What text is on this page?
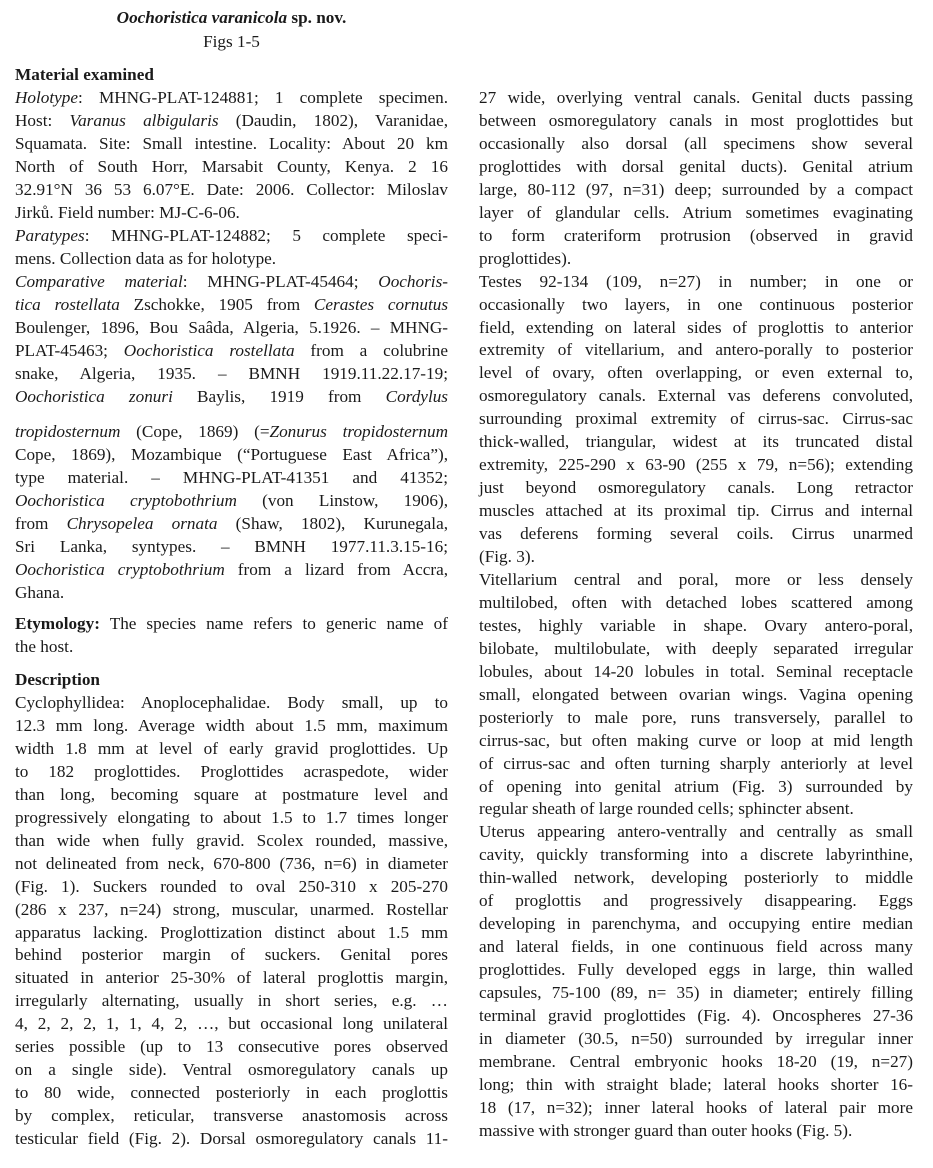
Oochoristica varanicola sp. nov.
Figs 1-5
Material examined
Holotype: MHNG-PLAT-124881; 1 complete specimen.
Host: Varanus albigularis (Daudin, 1802), Varanidae,
Squamata. Site: Small intestine. Locality: About 20 km
North of South Horr, Marsabit County, Kenya. 2 16
32.91°N 36 53 6.07°E. Date: 2006. Collector: Miloslav
Jirků. Field number: MJ-C-6-06.
Paratypes: MHNG-PLAT-124882; 5 complete speci-
mens. Collection data as for holotype.
Comparative material: MHNG-PLAT-45464; Oochoris-
tica rostellata Zschokke, 1905 from Cerastes cornutus
Boulenger, 1896, Bou Saâda, Algeria, 5.1926. – MHNG-
PLAT-45463; Oochoristica rostellata from a colubrine
snake, Algeria, 1935. – BMNH 1919.11.22.17-19;
Oochoristica zonuri Baylis, 1919 from Cordylus
tropidosternum (Cope, 1869) (=Zonurus tropidosternum
Cope, 1869), Mozambique (“Portuguese East Africa”),
type material. – MHNG-PLAT-41351 and 41352;
Oochoristica cryptobothrium (von Linstow, 1906),
from Chrysopelea ornata (Shaw, 1802), Kurunegala,
Sri Lanka, syntypes. – BMNH 1977.11.3.15-16;
Oochoristica cryptobothrium from a lizard from Accra,
Ghana.
Etymology: The species name refers to generic name of
the host.
Description
Cyclophyllidea: Anoplocephalidae. Body small, up to
12.3 mm long. Average width about 1.5 mm, maximum
width 1.8 mm at level of early gravid proglottides. Up
to 182 proglottides. Proglottides acraspedote, wider
than long, becoming square at postmature level and
progressively elongating to about 1.5 to 1.7 times longer
than wide when fully gravid. Scolex rounded, massive,
not delineated from neck, 670-800 (736, n=6) in diameter
(Fig. 1). Suckers rounded to oval 250-310 x 205-270
(286 x 237, n=24) strong, muscular, unarmed. Rostellar
apparatus lacking. Proglottization distinct about 1.5 mm
behind posterior margin of suckers. Genital pores
situated in anterior 25-30% of lateral proglottis margin,
irregularly alternating, usually in short series, e.g. …
4, 2, 2, 2, 1, 1, 4, 2, …, but occasional long unilateral
series possible (up to 13 consecutive pores observed
on a single side). Ventral osmoregulatory canals up
to 80 wide, connected posteriorly in each proglottis
by complex, reticular, transverse anastomosis across
testicular field (Fig. 2). Dorsal osmoregulatory canals 11-
27 wide, overlying ventral canals. Genital ducts passing
between osmoregulatory canals in most proglottides but
occasionally also dorsal (all specimens show several
proglottides with dorsal genital ducts). Genital atrium
large, 80-112 (97, n=31) deep; surrounded by a compact
layer of glandular cells. Atrium sometimes evaginating
to form crateriform protrusion (observed in gravid
proglottides).
Testes 92-134 (109, n=27) in number; in one or
occasionally two layers, in one continuous posterior
field, extending on lateral sides of proglottis to anterior
extremity of vitellarium, and antero-porally to posterior
level of ovary, often overlapping, or even external to,
osmoregulatory canals. External vas deferens convoluted,
surrounding proximal extremity of cirrus-sac. Cirrus-sac
thick-walled, triangular, widest at its truncated distal
extremity, 225-290 x 63-90 (255 x 79, n=56); extending
just beyond osmoregulatory canals. Long retractor
muscles attached at its proximal tip. Cirrus and internal
vas deferens forming several coils. Cirrus unarmed
(Fig. 3).
Vitellarium central and poral, more or less densely
multilobed, often with detached lobes scattered among
testes, highly variable in shape. Ovary antero-poral,
bilobate, multilobulate, with deeply separated irregular
lobules, about 14-20 lobules in total. Seminal receptacle
small, elongated between ovarian wings. Vagina opening
posteriorly to male pore, runs transversely, parallel to
cirrus-sac, but often making curve or loop at mid length
of cirrus-sac and often turning sharply anteriorly at level
of opening into genital atrium (Fig. 3) surrounded by
regular sheath of large rounded cells; sphincter absent.
Uterus appearing antero-ventrally and centrally as small
cavity, quickly transforming into a discrete labyrinthine,
thin-walled network, developing posteriorly to middle
of proglottis and progressively disappearing. Eggs
developing in parenchyma, and occupying entire median
and lateral fields, in one continuous field across many
proglottides. Fully developed eggs in large, thin walled
capsules, 75-100 (89, n= 35) in diameter; entirely filling
terminal gravid proglottides (Fig. 4). Oncospheres 27-36
in diameter (30.5, n=50) surrounded by irregular inner
membrane. Central embryonic hooks 18-20 (19, n=27)
long; thin with straight blade; lateral hooks shorter 16-
18 (17, n=32); inner lateral hooks of lateral pair more
massive with stronger guard than outer hooks (Fig. 5).
